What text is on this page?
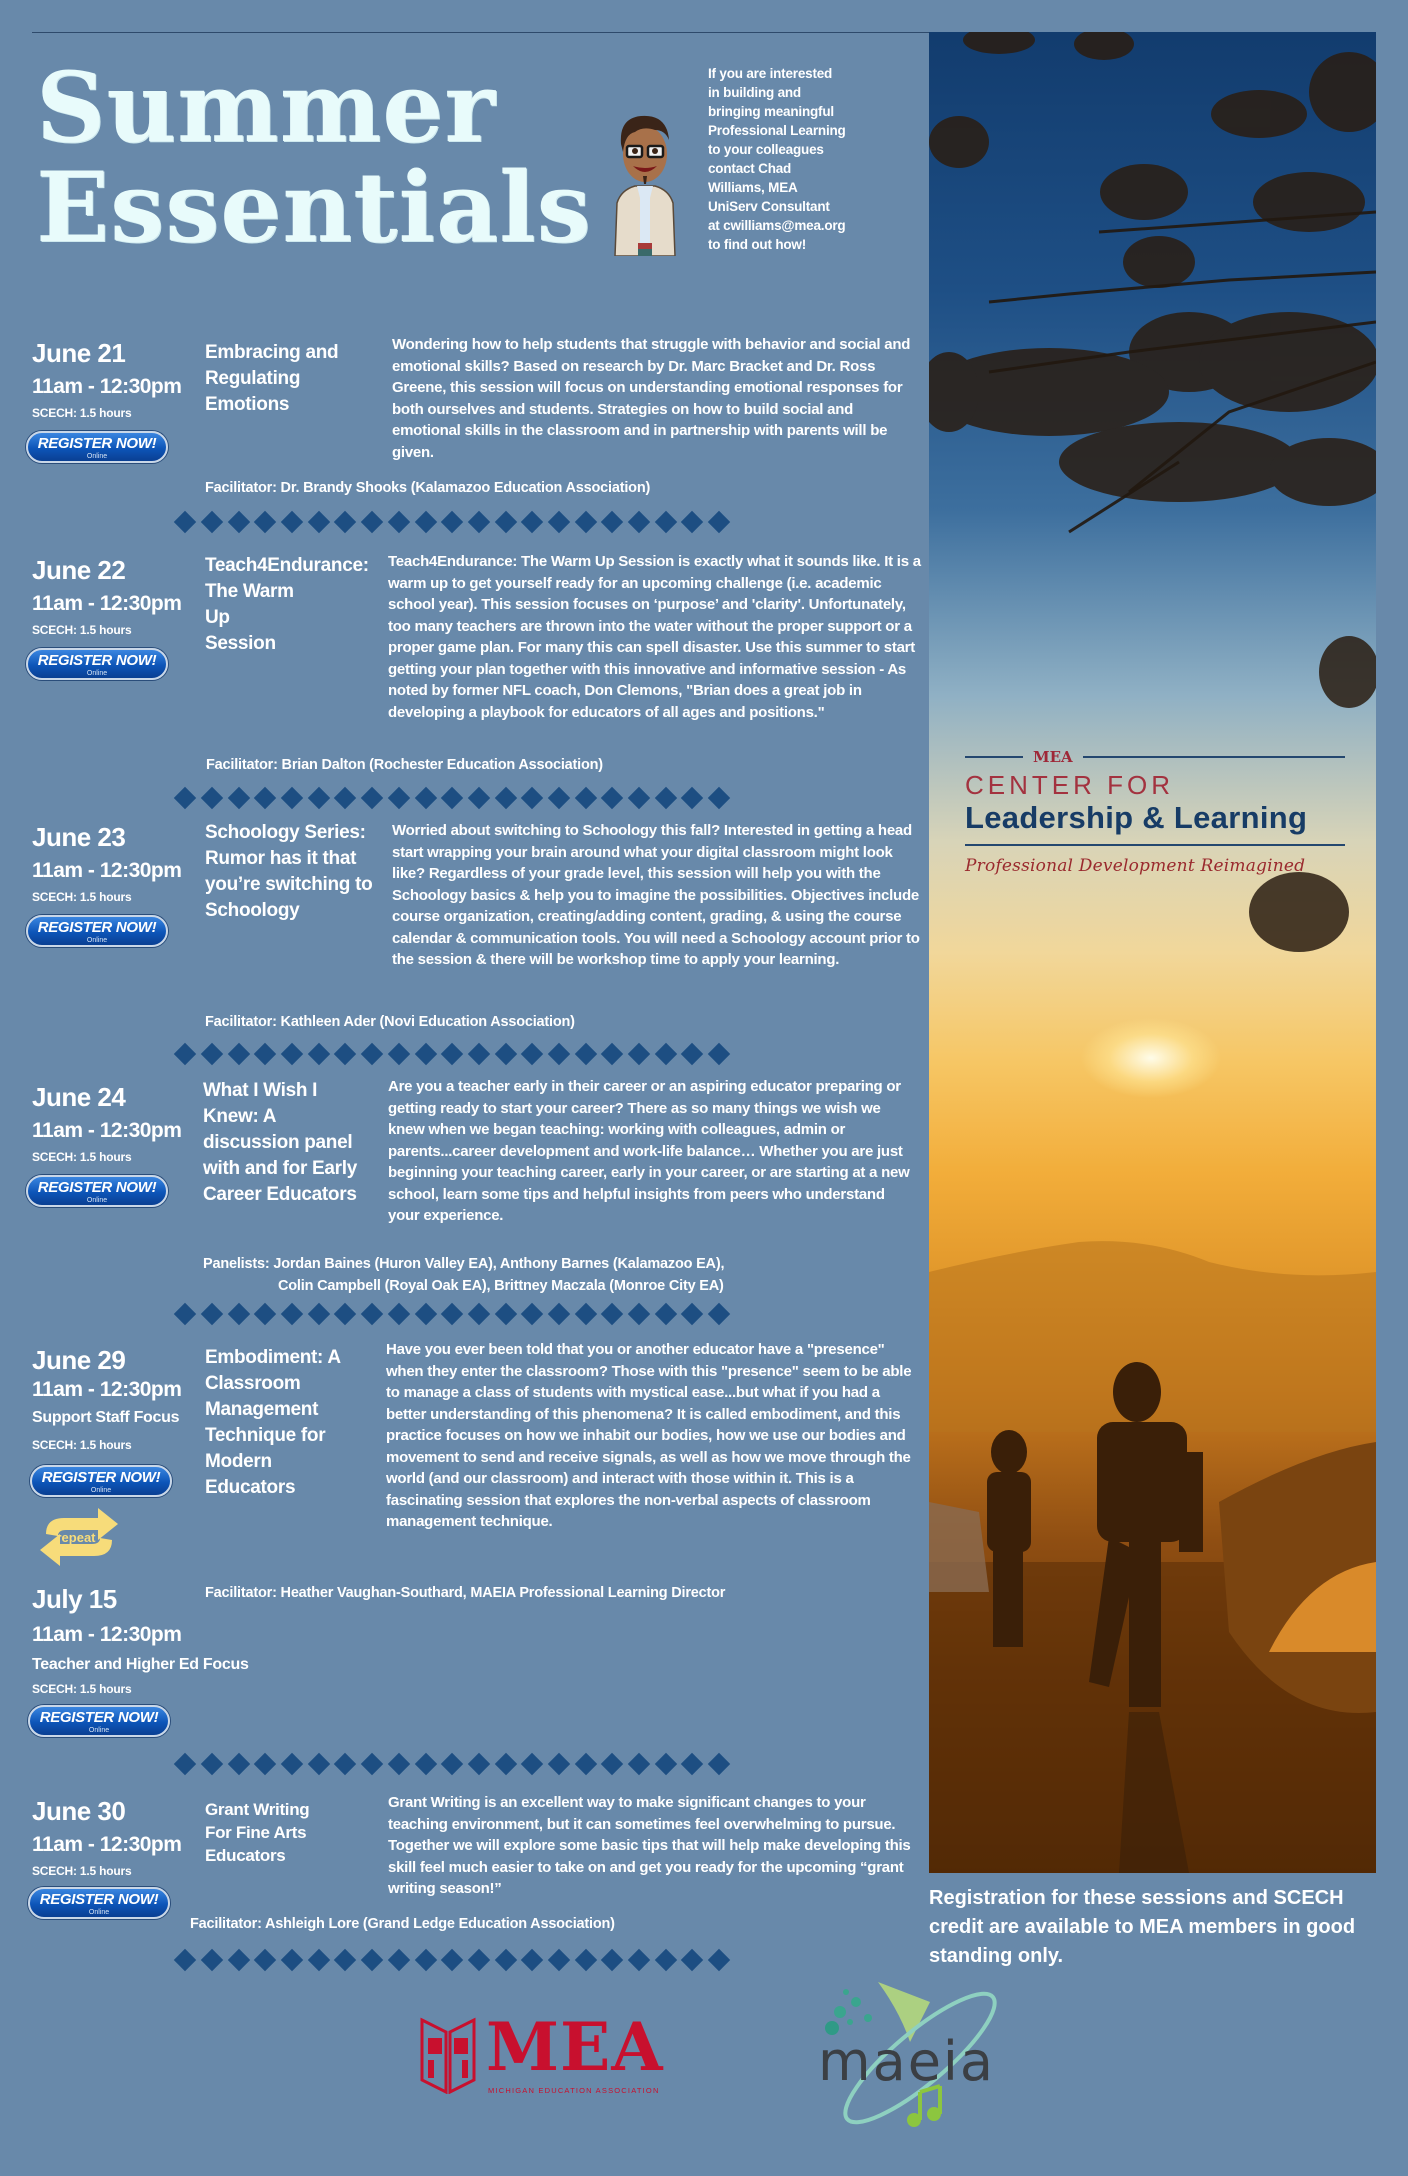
Summer
Essentials
If you are interested
in building and
bringing meaningful
Professional Learning
to your colleagues
contact Chad
Williams, MEA
UniServ Consultant
at cwilliams@mea.org
to find out how!
June 21
11am - 12:30pm
SCECH: 1.5 hours
REGISTER NOW!
Online
Embracing and
Regulating
Emotions
Wondering how to help students that struggle with behavior and social and emotional skills? Based on research by Dr. Marc Bracket and Dr. Ross Greene, this session will focus on understanding emotional responses for both ourselves and students. Strategies on how to build social and emotional skills in the classroom and in partnership with parents will be given.
Facilitator: Dr. Brandy Shooks (Kalamazoo Education Association)
June 22
11am - 12:30pm
SCECH: 1.5 hours
REGISTER NOW!
Online
Teach4Endurance:
The Warm
Up
Session
Teach4Endurance: The Warm Up Session is exactly what it sounds like. It is a warm up to get yourself ready for an upcoming challenge (i.e. academic school year). This session focuses on ‘purpose’ and 'clarity'. Unfortunately, too many teachers are thrown into the water without the proper support or a proper game plan. For many this can spell disaster. Use this summer to start getting your plan together with this innovative and informative session - As noted by former NFL coach, Don Clemons, "Brian does a great job in developing a playbook for educators of all ages and positions."
Facilitator: Brian Dalton (Rochester Education Association)
June 23
11am - 12:30pm
SCECH: 1.5 hours
REGISTER NOW!
Online
Schoology Series:
Rumor has it that
you’re switching to
Schoology
Worried about switching to Schoology this fall? Interested in getting a head start wrapping your brain around what your digital classroom might look like? Regardless of your grade level, this session will help you with the Schoology basics & help you to imagine the possibilities. Objectives include course organization, creating/adding content, grading, & using the course calendar & communication tools. You will need a Schoology account prior to the session & there will be workshop time to apply your learning.
Facilitator: Kathleen Ader (Novi Education Association)
June 24
11am - 12:30pm
SCECH: 1.5 hours
REGISTER NOW!
Online
What I Wish I
Knew: A
discussion panel
with and for Early
Career Educators
Are you a teacher early in their career or an aspiring educator preparing or getting ready to start your career? There as so many things we wish we knew when we began teaching: working with colleagues, admin or parents...career development and work-life balance… Whether you are just beginning your teaching career, early in your career, or are starting at a new school, learn some tips and helpful insights from peers who understand your experience.
Panelists: Jordan Baines (Huron Valley EA), Anthony Barnes (Kalamazoo EA),
Colin Campbell (Royal Oak EA), Brittney Maczala (Monroe City EA)
June 29
11am - 12:30pm
Support Staff Focus
SCECH: 1.5 hours
REGISTER NOW!
Online
Embodiment: A
Classroom
Management
Technique for
Modern
Educators
Have you ever been told that you or another educator have a "presence" when they enter the classroom? Those with this "presence" seem to be able to manage a class of students with mystical ease...but what if you had a better understanding of this phenomena? It is called embodiment, and this practice focuses on how we inhabit our bodies, how we use our bodies and movement to send and receive signals, as well as how we move through the world (and our classroom) and interact with those within it. This is a fascinating session that explores the non-verbal aspects of classroom management technique.
Facilitator: Heather Vaughan-Southard, MAEIA Professional Learning Director
repeat
July 15
11am - 12:30pm
Teacher and Higher Ed Focus
SCECH: 1.5 hours
REGISTER NOW!
Online
June 30
11am - 12:30pm
SCECH: 1.5 hours
REGISTER NOW!
Online
Grant Writing
For Fine Arts
Educators
Grant Writing is an excellent way to make significant changes to your teaching environment, but it can sometimes feel overwhelming to pursue. Together we will explore some basic tips that will help make developing this skill feel much easier to take on and get you ready for the upcoming “grant writing season!”
Facilitator: Ashleigh Lore (Grand Ledge Education Association)
MEA
CENTER FOR
Leadership & Learning
Professional Development Reimagined
Registration for these sessions and SCECH credit are available to MEA members in good standing only.
MEA
MICHIGAN EDUCATION ASSOCIATION	maeia
